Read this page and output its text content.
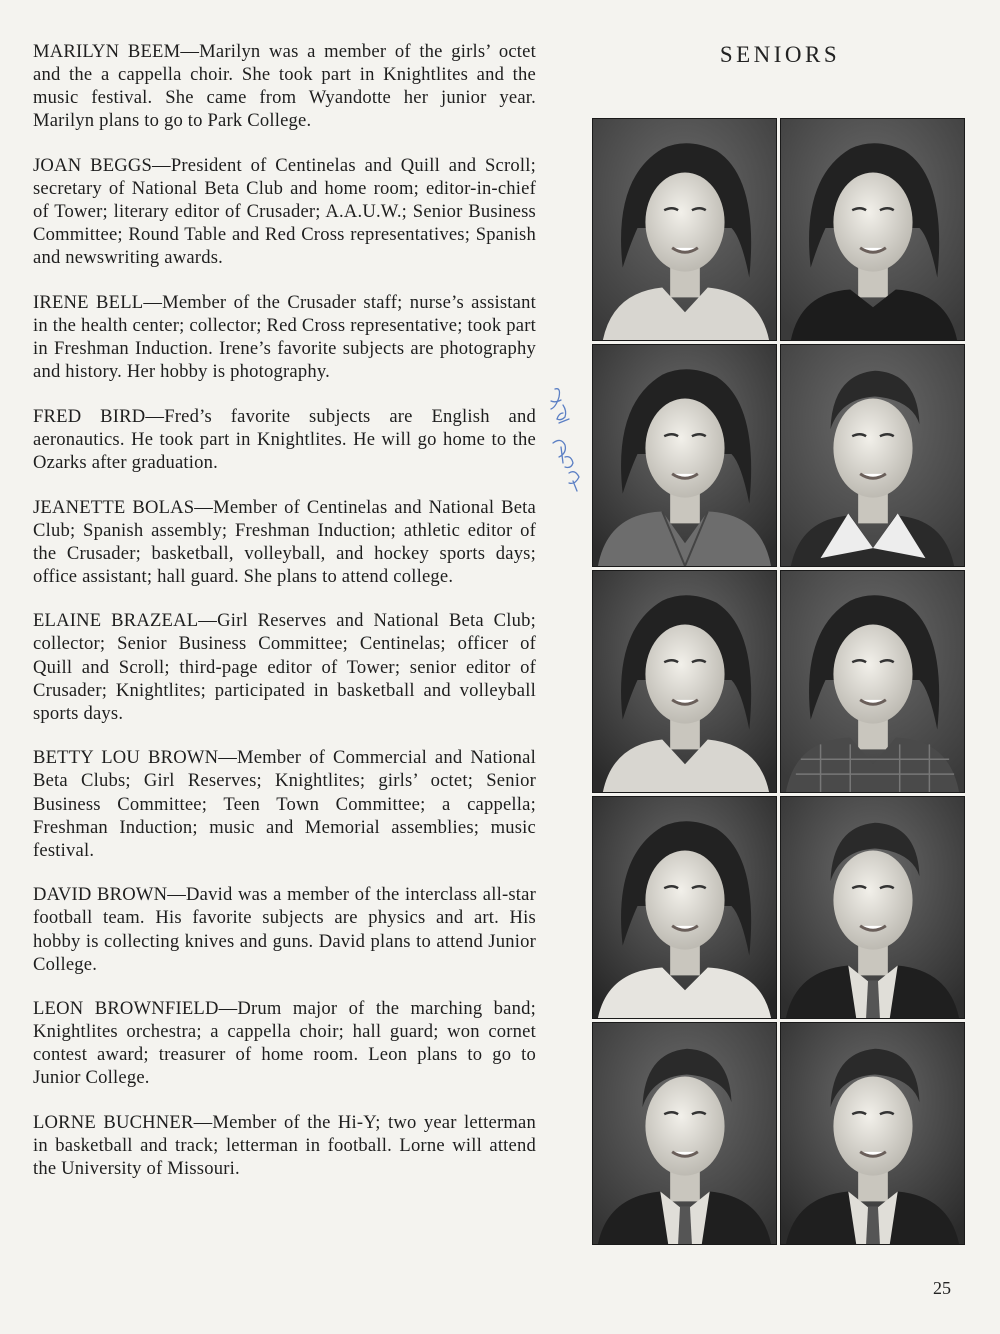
MARILYN BEEM—Marilyn was a member of the girls’ octet and the a cappella choir. She took part in Knightlites and the music festival. She came from Wyandotte her junior year. Marilyn plans to go to Park College.

JOAN BEGGS—President of Centinelas and Quill and Scroll; secretary of National Beta Club and home room; editor-in-chief of Tower; literary editor of Crusader; A.A.U.W.; Senior Business Committee; Round Table and Red Cross representatives; Spanish and newswriting awards.

IRENE BELL—Member of the Crusader staff; nurse’s assistant in the health center; collector; Red Cross representative; took part in Freshman Induction. Irene’s favorite subjects are photography and history. Her hobby is photography.

FRED BIRD—Fred’s favorite subjects are English and aeronautics. He took part in Knightlites. He will go home to the Ozarks after graduation.

JEANETTE BOLAS—Member of Centinelas and National Beta Club; Spanish assembly; Freshman Induction; athletic editor of the Crusader; basketball, volleyball, and hockey sports days; office assistant; hall guard. She plans to attend college.

ELAINE BRAZEAL—Girl Reserves and National Beta Club; collector; Senior Business Committee; Centinelas; officer of Quill and Scroll; third-page editor of Tower; senior editor of Crusader; Knightlites; participated in basketball and volleyball sports days.

BETTY LOU BROWN—Member of Commercial and National Beta Clubs; Girl Reserves; Knightlites; girls’ octet; Senior Business Committee; Teen Town Committee; a cappella; Freshman Induction; music and Memorial assemblies; music festival.

DAVID BROWN—David was a member of the interclass all-star football team. His favorite subjects are physics and art. His hobby is collecting knives and guns. David plans to attend Junior College.

LEON BROWNFIELD—Drum major of the marching band; Knightlites orchestra; a cappella choir; hall guard; won cornet contest award; treasurer of home room. Leon plans to go to Junior College.

LORNE BUCHNER—Member of the Hi-Y; two year letterman in basketball and track; letterman in football. Lorne will attend the University of Missouri.

SENIORS
25
